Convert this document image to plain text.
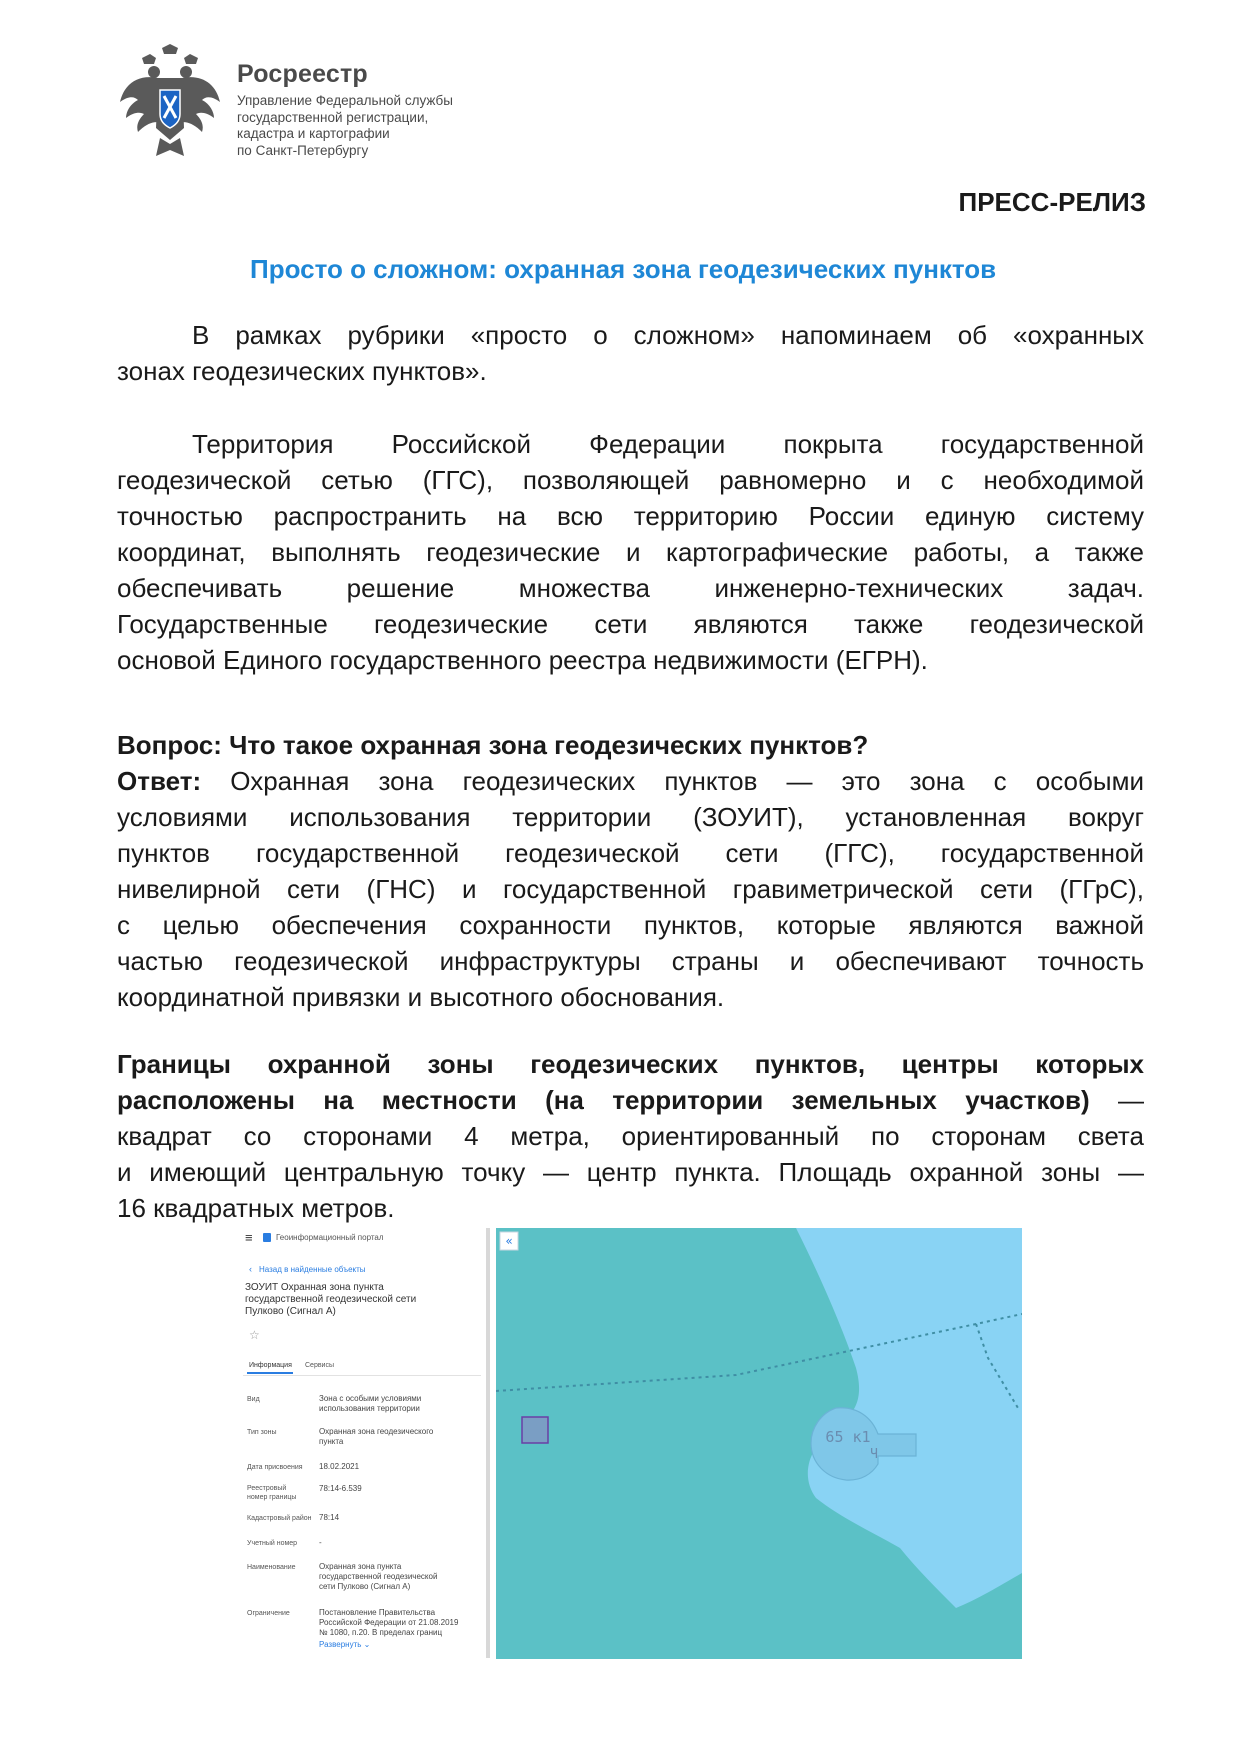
Росреестр
Управление Федеральной службы
государственной регистрации,
кадастра и картографии
по Санкт-Петербургу
ПРЕСС-РЕЛИЗ
Просто о сложном: охранная зона геодезических пунктов
В рамках рубрики «просто о сложном» напоминаем об «охранных
зонах геодезических пунктов».
Территория Российской Федерации покрыта государственной
геодезической сетью (ГГС), позволяющей равномерно и с необходимой
точностью распространить на всю территорию России единую систему
координат, выполнять геодезические и картографические работы, а также
обеспечивать решение множества инженерно-технических задач.
Государственные геодезические сети являются также геодезической
основой Единого государственного реестра недвижимости (ЕГРН).
Вопрос: Что такое охранная зона геодезических пунктов?
Ответ: Охранная зона геодезических пунктов — это зона с особыми
условиями использования территории (ЗОУИТ), установленная вокруг
пунктов государственной геодезической сети (ГГС), государственной
нивелирной сети (ГНС) и государственной гравиметрической сети (ГГрС),
с целью обеспечения сохранности пунктов, которые являются важной
частью геодезической инфраструктуры страны и обеспечивают точность
координатной привязки и высотного обоснования.
Границы охранной зоны геодезических пунктов, центры которых
расположены на местности (на территории земельных участков) —
квадрат со сторонами 4 метра, ориентированный по сторонам света
и имеющий центральную точку — центр пункта. Площадь охранной зоны —
16 квадратных метров.
≡	Геоинформационный портал
‹ Назад в найденные объекты
ЗОУИТ Охранная зона пункта
государственной геодезической сети
Пулково (Сигнал А)
☆
Информация Сервисы
Вид	Зона с особыми условиями
использования территории
Тип зоны	Охранная зона геодезического
пункта
Дата присвоения 18.02.2021
Реестровый номер границы
78:14-6.539
Кадастровый район 78:14
Учетный номер	-
Наименование	Охранная зона пункта
государственной геодезической
сети Пулково (Сигнал А)
Ограничение	Постановление Правительства
Российской Федерации от 21.08.2019
№ 1080, п.20. В пределах границ
Развернуть ⌄
65 к1
Ч
«
